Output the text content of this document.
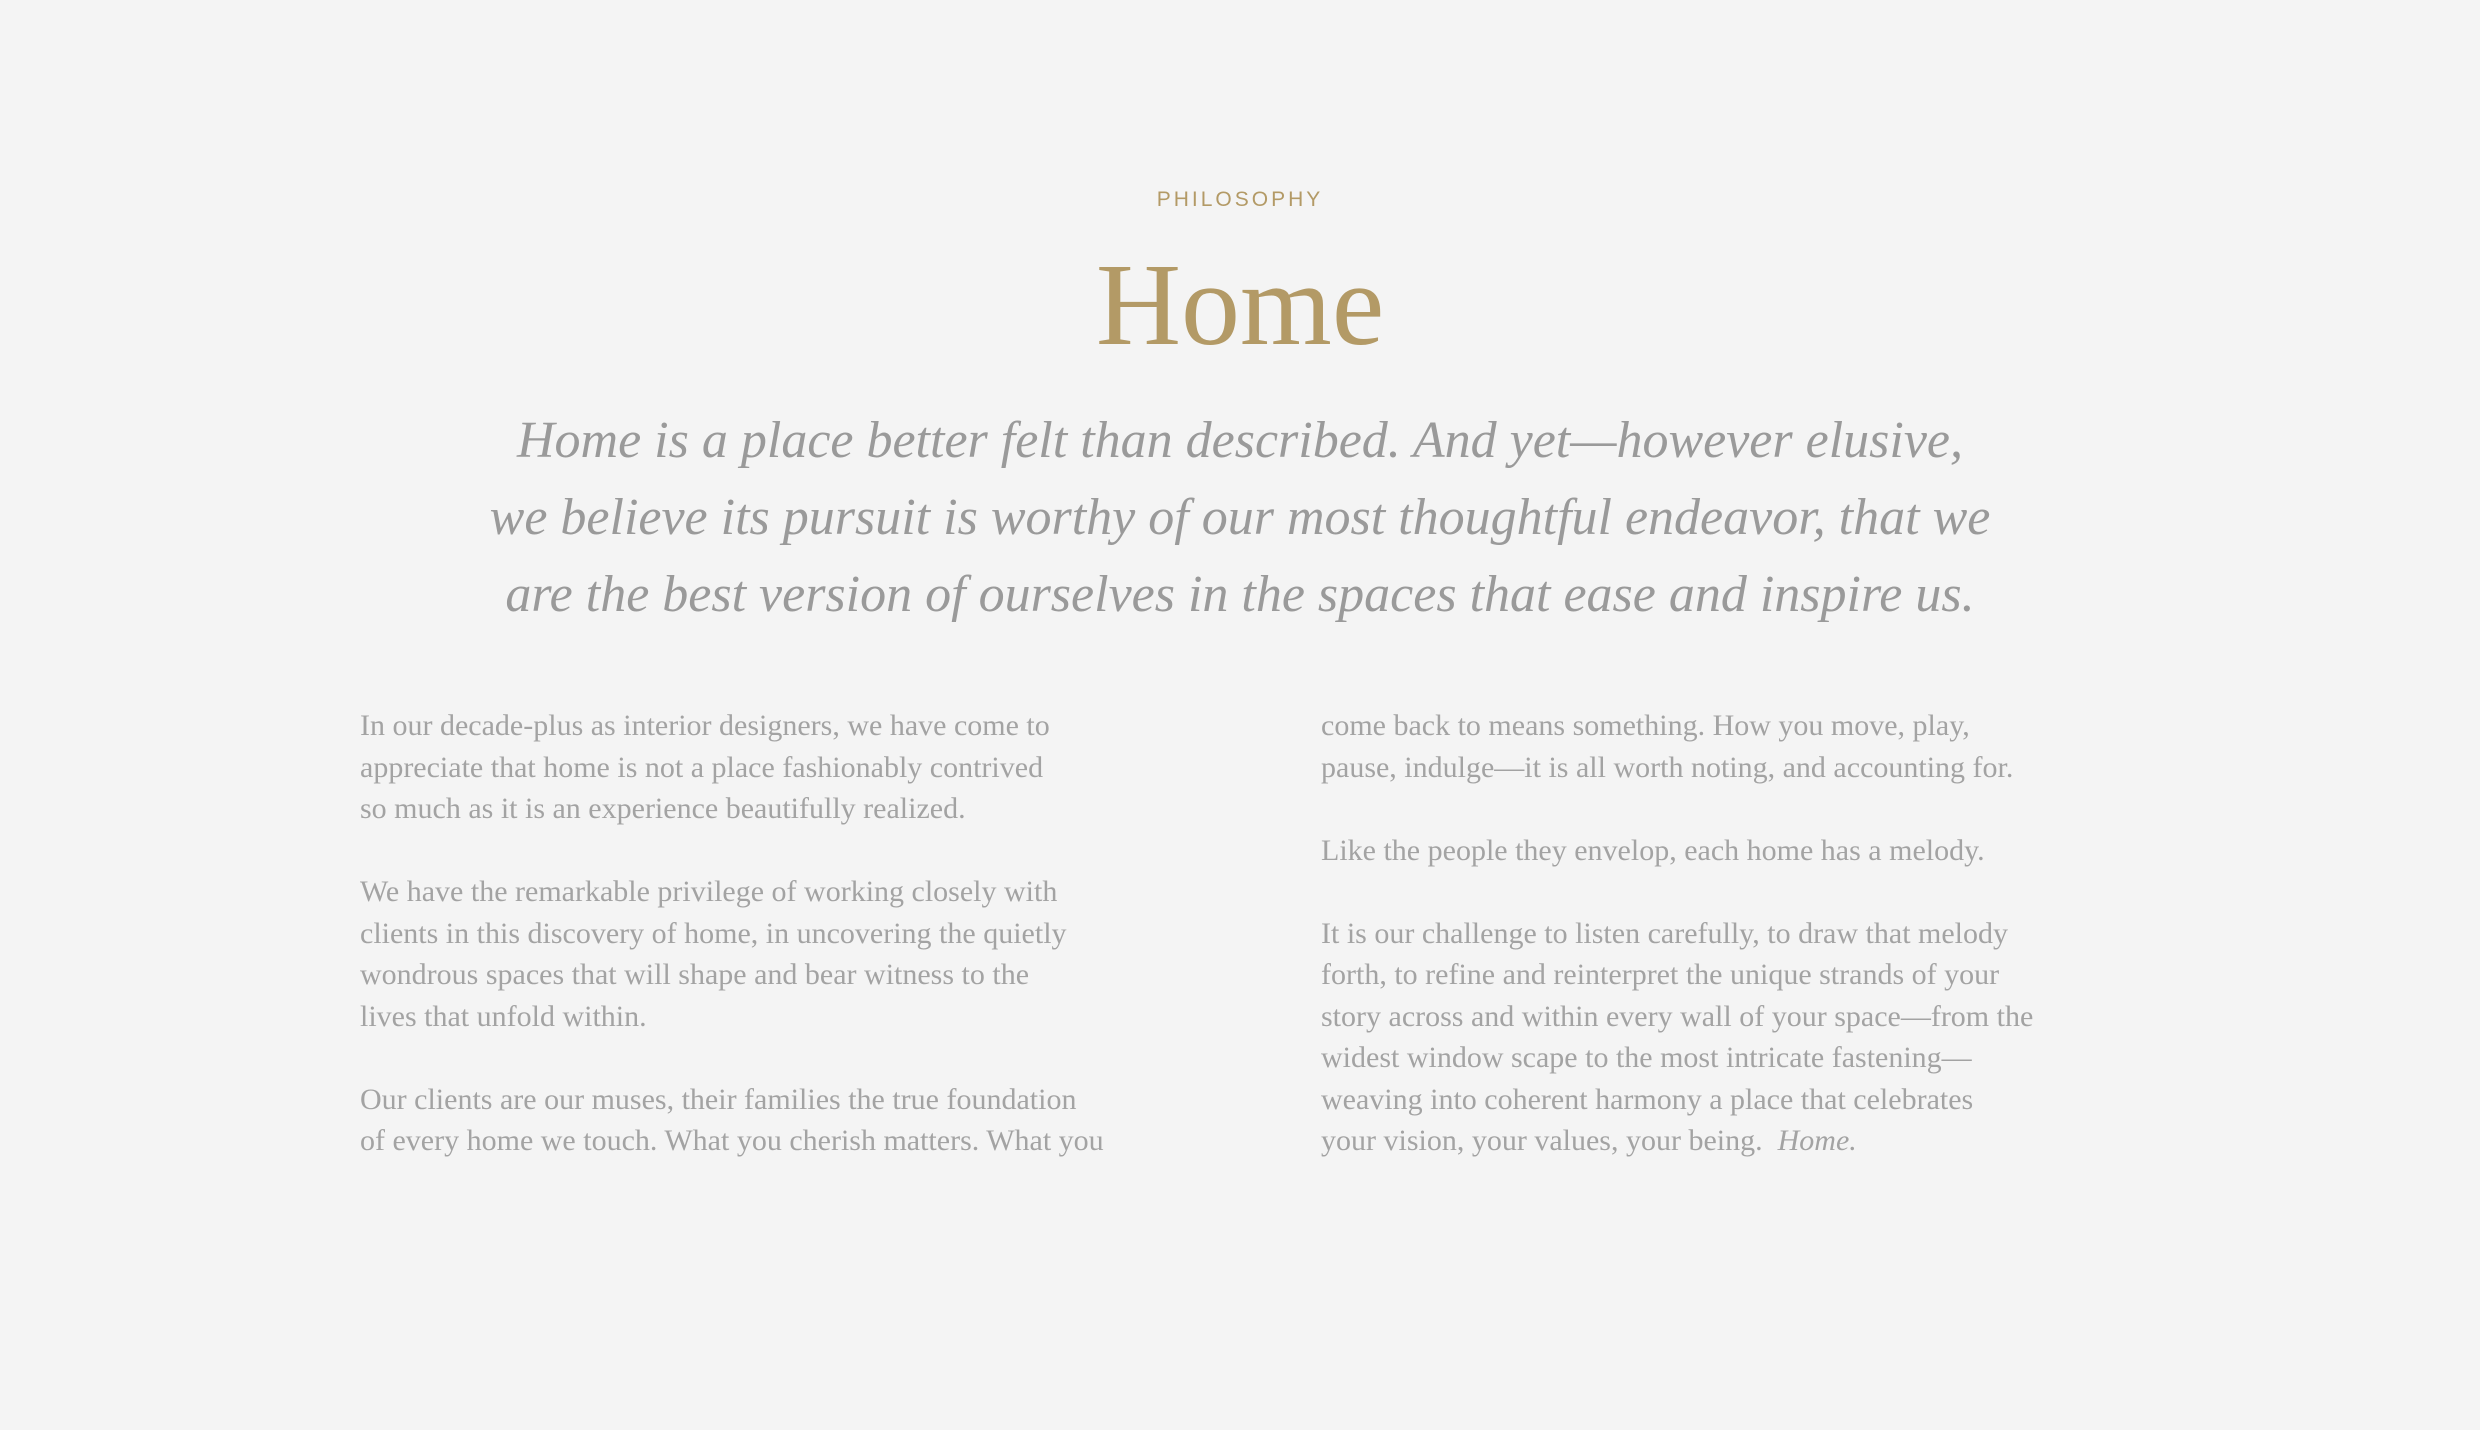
PHILOSOPHY

Home

Home is a place better felt than described. And yet—however elusive,
we believe its pursuit is worthy of our most thoughtful endeavor, that we
are the best version of ourselves in the spaces that ease and inspire us.

In our decade-plus as interior designers, we have come to
appreciate that home is not a place fashionably contrived
so much as it is an experience beautifully realized.

We have the remarkable privilege of working closely with
clients in this discovery of home, in uncovering the quietly
wondrous spaces that will shape and bear witness to the
lives that unfold within.

Our clients are our muses, their families the true foundation
of every home we touch. What you cherish matters. What you

come back to means something. How you move, play,
pause, indulge—it is all worth noting, and accounting for.

Like the people they envelop, each home has a melody.

It is our challenge to listen carefully, to draw that melody
forth, to refine and reinterpret the unique strands of your
story across and within every wall of your space—from the
widest window scape to the most intricate fastening—
weaving into coherent harmony a place that celebrates
your vision, your values, your being. Home.
